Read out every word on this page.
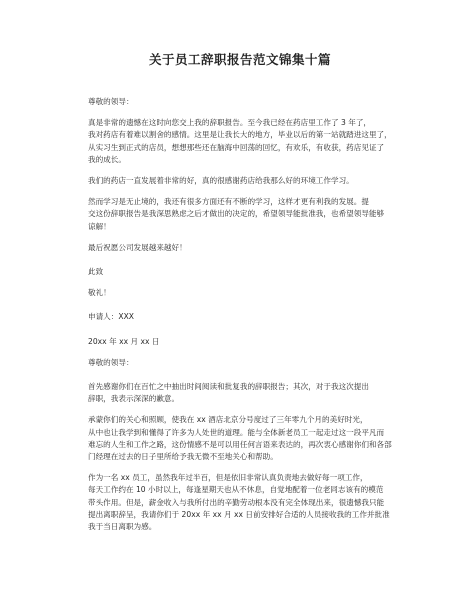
关于员工辞职报告范文锦集十篇

尊敬的领导：

真是非常的遗憾在这时向您交上我的辞职报告。至今我已经在药店里工作了 3 年了，

我对药店有着难以割舍的感情。这里是让我长大的地方，毕业以后的第一站就踏进这里了，

从实习生到正式的店员，想想那些还在脑海中回荡的回忆，有欢乐，有收获，药店见证了

我的成长。

我们的药店一直发展着非常的好，真的很感谢药店给我那么好的环境工作学习。

然而学习是无止境的，我还有很多方面还有不断的学习，这样才更有利我的发展。提

交这份辞职报告是我深思熟虑之后才做出的决定的，希望领导能批准我，也希望领导能够

谅解！

最后祝愿公司发展越来越好！

此致

敬礼！

申请人：XXX

20xx 年 xx 月 xx 日

尊敬的领导：

首先感谢你们在百忙之中抽出时间阅读和批复我的辞职报告；其次，对于我这次提出

辞职，我表示深深的歉意。

承蒙你们的关心和照顾，使我在 xx 酒店北京分号度过了三年零九个月的美好时光，

从中也让我学到和懂得了许多为人处世的道理。能与全体新老员工一起走过这一段平凡而

难忘的人生和工作之路，这份情感不是可以用任何言语来表达的，再次衷心感谢你们和各部

门经理在过去的日子里所给予我无微不至地关心和帮助。

作为一名 xx 员工，虽然我年过半百，但是依旧非常认真负责地去做好每一项工作，

每天工作约在 10 小时以上，每逢星期天也从不休息，自觉地配着一位老同志该有的模范

带头作用。但是，薪金收入与我所付出的辛勤劳动根本没有完全体现出来，很遗憾我只能

提出离职辞呈，我请你们于 20xx 年 xx 月 xx 日前安排好合适的人员接收我的工作并批准

我于当日离职为感。
